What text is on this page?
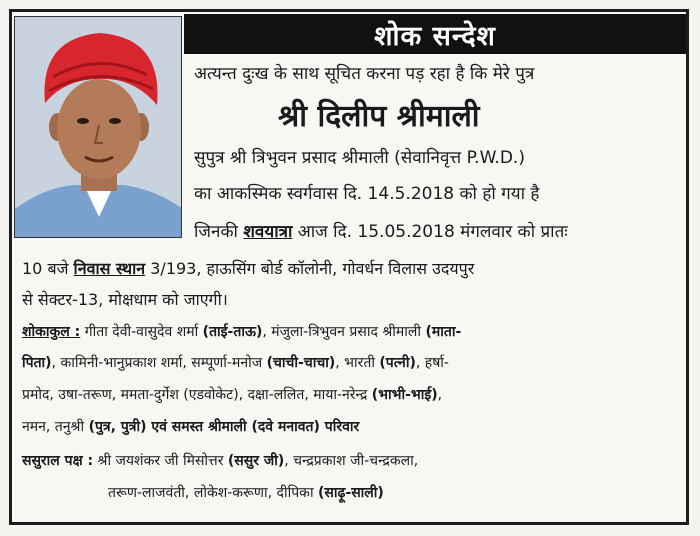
शोक सन्देश
अत्यन्त दुःख के साथ सूचित करना पड़ रहा है कि मेरे पुत्र
श्री दिलीप श्रीमाली
सुपुत्र श्री त्रिभुवन प्रसाद श्रीमाली (सेवानिवृत्त P.W.D.)
का आकस्मिक स्वर्गवास दि. 14.5.2018 को हो गया है
जिनकी शवयात्रा आज दि. 15.05.2018 मंगलवार को प्रातः
10 बजे निवास स्थान 3/193, हाऊसिंग बोर्ड कॉलोनी, गोवर्धन विलास उदयपुर
से सेक्टर-13, मोक्षधाम को जाएगी।
शोकाकुल : गीता देवी-वासुदेव शर्मा (ताई-ताऊ), मंजुला-त्रिभुवन प्रसाद श्रीमाली (माता-
पिता), कामिनी-भानुप्रकाश शर्मा, सम्पूर्णा-मनोज (चाची-चाचा), भारती (पत्नी), हर्षा-
प्रमोद, उषा-तरूण, ममता-दुर्गेश (एडवोकेट), दक्षा-ललित, माया-नरेन्द्र (भाभी-भाई),
नमन, तनुश्री (पुत्र, पुत्री) एवं समस्त श्रीमाली (दवे मनावत) परिवार
ससुराल पक्ष : श्री जयशंकर जी मिसोत्तर (ससुर जी), चन्द्रप्रकाश जी-चन्द्रकला,
तरूण-लाजवंती, लोकेश-करूणा, दीपिका (साढ़ू-साली)
